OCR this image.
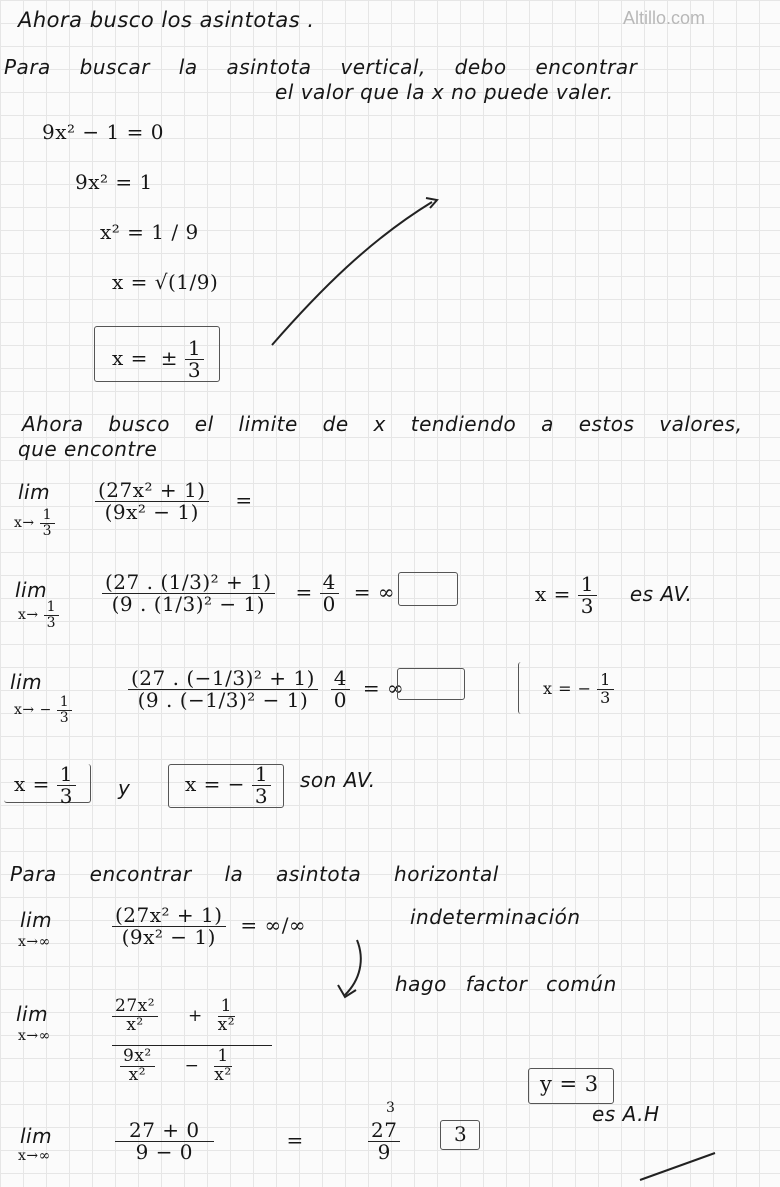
Altillo.com
Ahora busco los asintotas .
Para buscar la asintota vertical, debo encontrar
el valor que la x no puede valer.
9x² − 1 = 0
9x² = 1
x² = 1 / 9
x = √(1/9)
x = ± $\frac{1}{3}$
Ahora busco el limite de x tendiendo a estos valores,
que encontre
lim
$x\to \frac{1}{3}$
$\frac{\text{(27x² + 1)}}{\text{(9x² − 1)}}$ =
lim
$x\to \frac{1}{3}$
$\frac{\text{(27 . (1/3)² + 1)}}{\text{(9 . (1/3)² − 1)}} = \frac{4}{0}$ = ∞	$x = \frac{1}{3}$ es AV.
lim
$x\to - \frac{1}{3}$	$\frac{\text{(27 . (−1/3)² + 1)}}{\text{(9 . (−1/3)² − 1)}}$
$\frac{4}{0}$ = ∞	x = − $\frac{1}{3}$
$x = \frac{1}{3}$ y	x = − $\frac{1}{3}$ son AV.
Para encontrar la asintota horizontal
lim
x→∞	$\frac{\text{(27x² + 1)}}{\text{(9x² − 1)}}$ = ∞/∞	indeterminación
hago factor común
lim
x→∞
$\frac{\text{27x²}}{\text{x²}} + \frac{1}{\text{x²}}$
$\frac{\text{9x²}}{\text{x²}} - \frac{1}{\text{x²}}$	y = 3
es A.H
lim
x→∞	$\frac{27 + 0}{9 - 0}$	=
3
$\frac{27}{9}$	3
